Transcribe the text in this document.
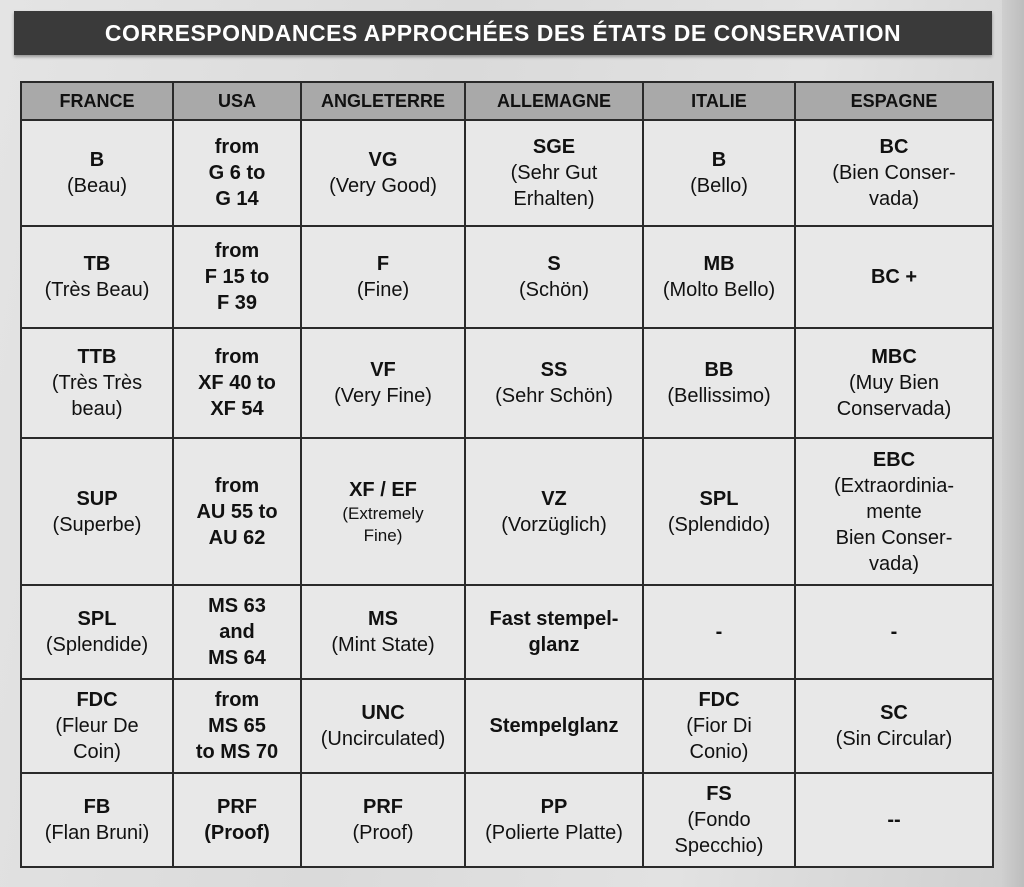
CORRESPONDANCES APPROCHÉES DES ÉTATS DE CONSERVATION
FRANCE	USA	ANGLETERRE	ALLEMAGNE	ITALIE	ESPAGNE

B
(Beau)	from
G 6 to
G 14	VG
(Very Good)	SGE
(Sehr Gut
Erhalten)	B
(Bello)	BC
(Bien Conser-
vada)

TB
(Très Beau)	from
F 15 to
F 39	F
(Fine)	S
(Schön)	MB
(Molto Bello)	BC +

TTB
(Très Très
beau)	from
XF 40 to
XF 54	VF
(Very Fine)	SS
(Sehr Schön)	BB
(Bellissimo)	MBC
(Muy Bien
Conservada)

SUP
(Superbe)	from
AU 55 to
AU 62	XF / EF
(Extremely
Fine)	VZ
(Vorzüglich)	SPL
(Splendido)	EBC
(Extraordinia-
mente
Bien Conser-
vada)

SPL
(Splendide)	MS 63
and
MS 64	MS
(Mint State)	Fast stempel-
glanz	-	-

FDC
(Fleur De
Coin)	from
MS 65
to MS 70	UNC
(Uncirculated)	Stempelglanz	FDC
(Fior Di
Conio)	SC
(Sin Circular)

FB
(Flan Bruni)	PRF
(Proof)	PRF
(Proof)	PP
(Polierte Platte)	FS
(Fondo
Specchio)	--
